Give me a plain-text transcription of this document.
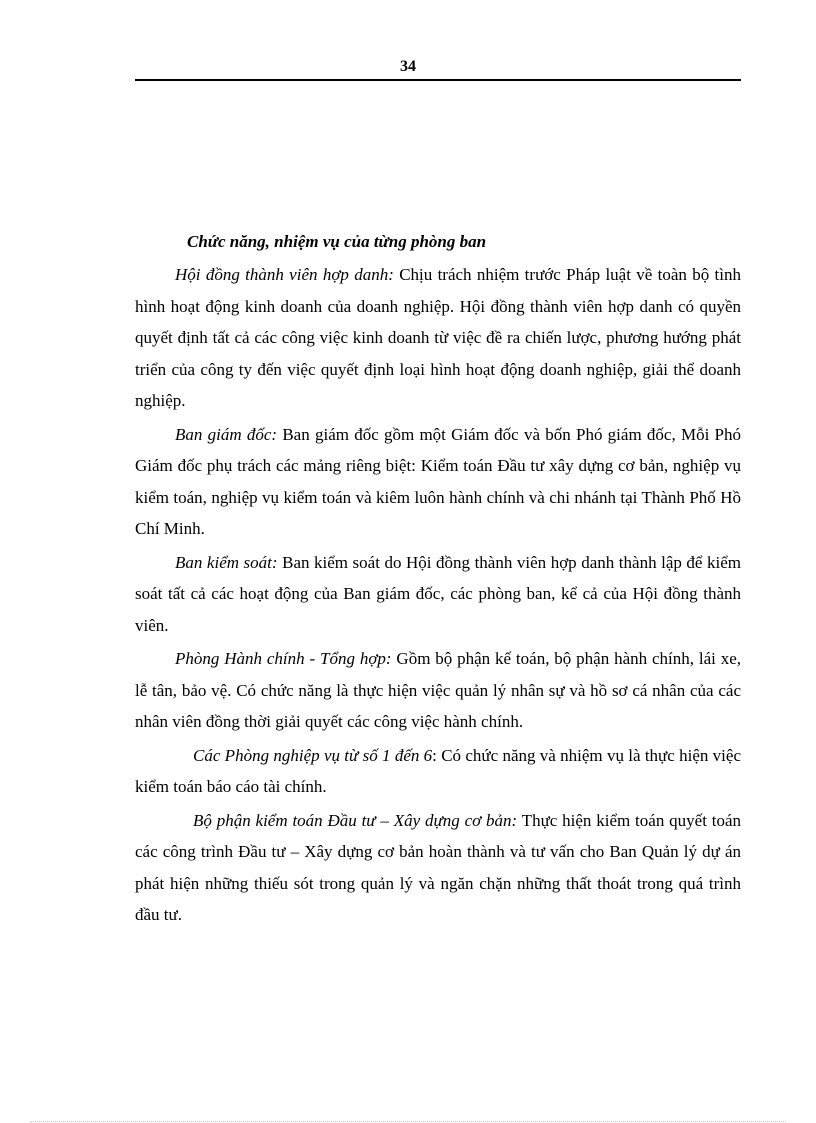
34

Chức năng, nhiệm vụ của từng phòng ban

Hội đồng thành viên hợp danh: Chịu trách nhiệm trước Pháp luật về toàn bộ tình hình hoạt động kinh doanh của doanh nghiệp. Hội đồng thành viên hợp danh có quyền quyết định tất cả các công việc kinh doanh từ việc đề ra chiến lược, phương hướng phát triển của công ty đến việc quyết định loại hình hoạt động doanh nghiệp, giải thể doanh nghiệp.

Ban giám đốc: Ban giám đốc gồm một Giám đốc và bốn Phó giám đốc, Mỗi Phó Giám đốc phụ trách các mảng riêng biệt: Kiểm toán Đầu tư xây dựng cơ bản, nghiệp vụ kiểm toán, nghiệp vụ kiểm toán và kiêm luôn hành chính và chi nhánh tại Thành Phố Hồ Chí Minh.

Ban kiểm soát: Ban kiểm soát do Hội đồng thành viên hợp danh thành lập để kiểm soát tất cả các hoạt động của Ban giám đốc, các phòng ban, kể cả của Hội đồng thành viên.

Phòng Hành chính - Tổng hợp: Gồm bộ phận kế toán, bộ phận hành chính, lái xe, lễ tân, bảo vệ. Có chức năng là thực hiện việc quản lý nhân sự và hồ sơ cá nhân của các nhân viên đồng thời giải quyết các công việc hành chính.

Các Phòng nghiệp vụ từ số 1 đến 6: Có chức năng và nhiệm vụ là thực hiện việc kiểm toán báo cáo tài chính.

Bộ phận kiểm toán Đầu tư – Xây dựng cơ bản: Thực hiện kiểm toán quyết toán các công trình Đầu tư – Xây dựng cơ bản hoàn thành và tư vấn cho Ban Quản lý dự án phát hiện những thiếu sót trong quản lý và ngăn chặn những thất thoát trong quá trình đầu tư.
